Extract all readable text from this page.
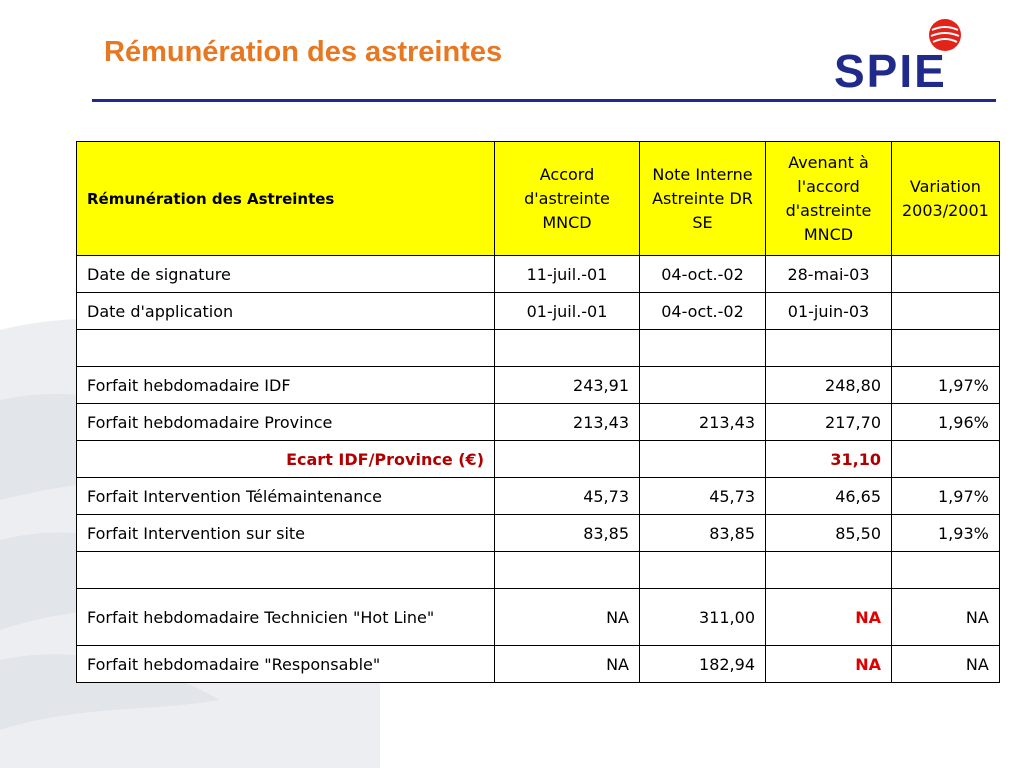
Rémunération des astreintes	SPIE
Rémunération des Astreintes	Accord d'astreinte MNCD	Note Interne Astreinte DR SE	Avenant à l'accord d'astreinte MNCD	Variation 2003/2001
Date de signature	11-juil.-01	04-oct.-02	28-mai-03	
Date d'application	01-juil.-01	04-oct.-02	01-juin-03	

Forfait hebdomadaire IDF	243,91		248,80	1,97%
Forfait hebdomadaire Province	213,43	213,43	217,70	1,96%
Ecart IDF/Province (€)			31,10	
Forfait Intervention Télémaintenance	45,73	45,73	46,65	1,97%
Forfait Intervention sur site	83,85	83,85	85,50	1,93%

Forfait hebdomadaire Technicien "Hot Line"	NA	311,00	NA	NA
Forfait hebdomadaire "Responsable"	NA	182,94	NA	NA
